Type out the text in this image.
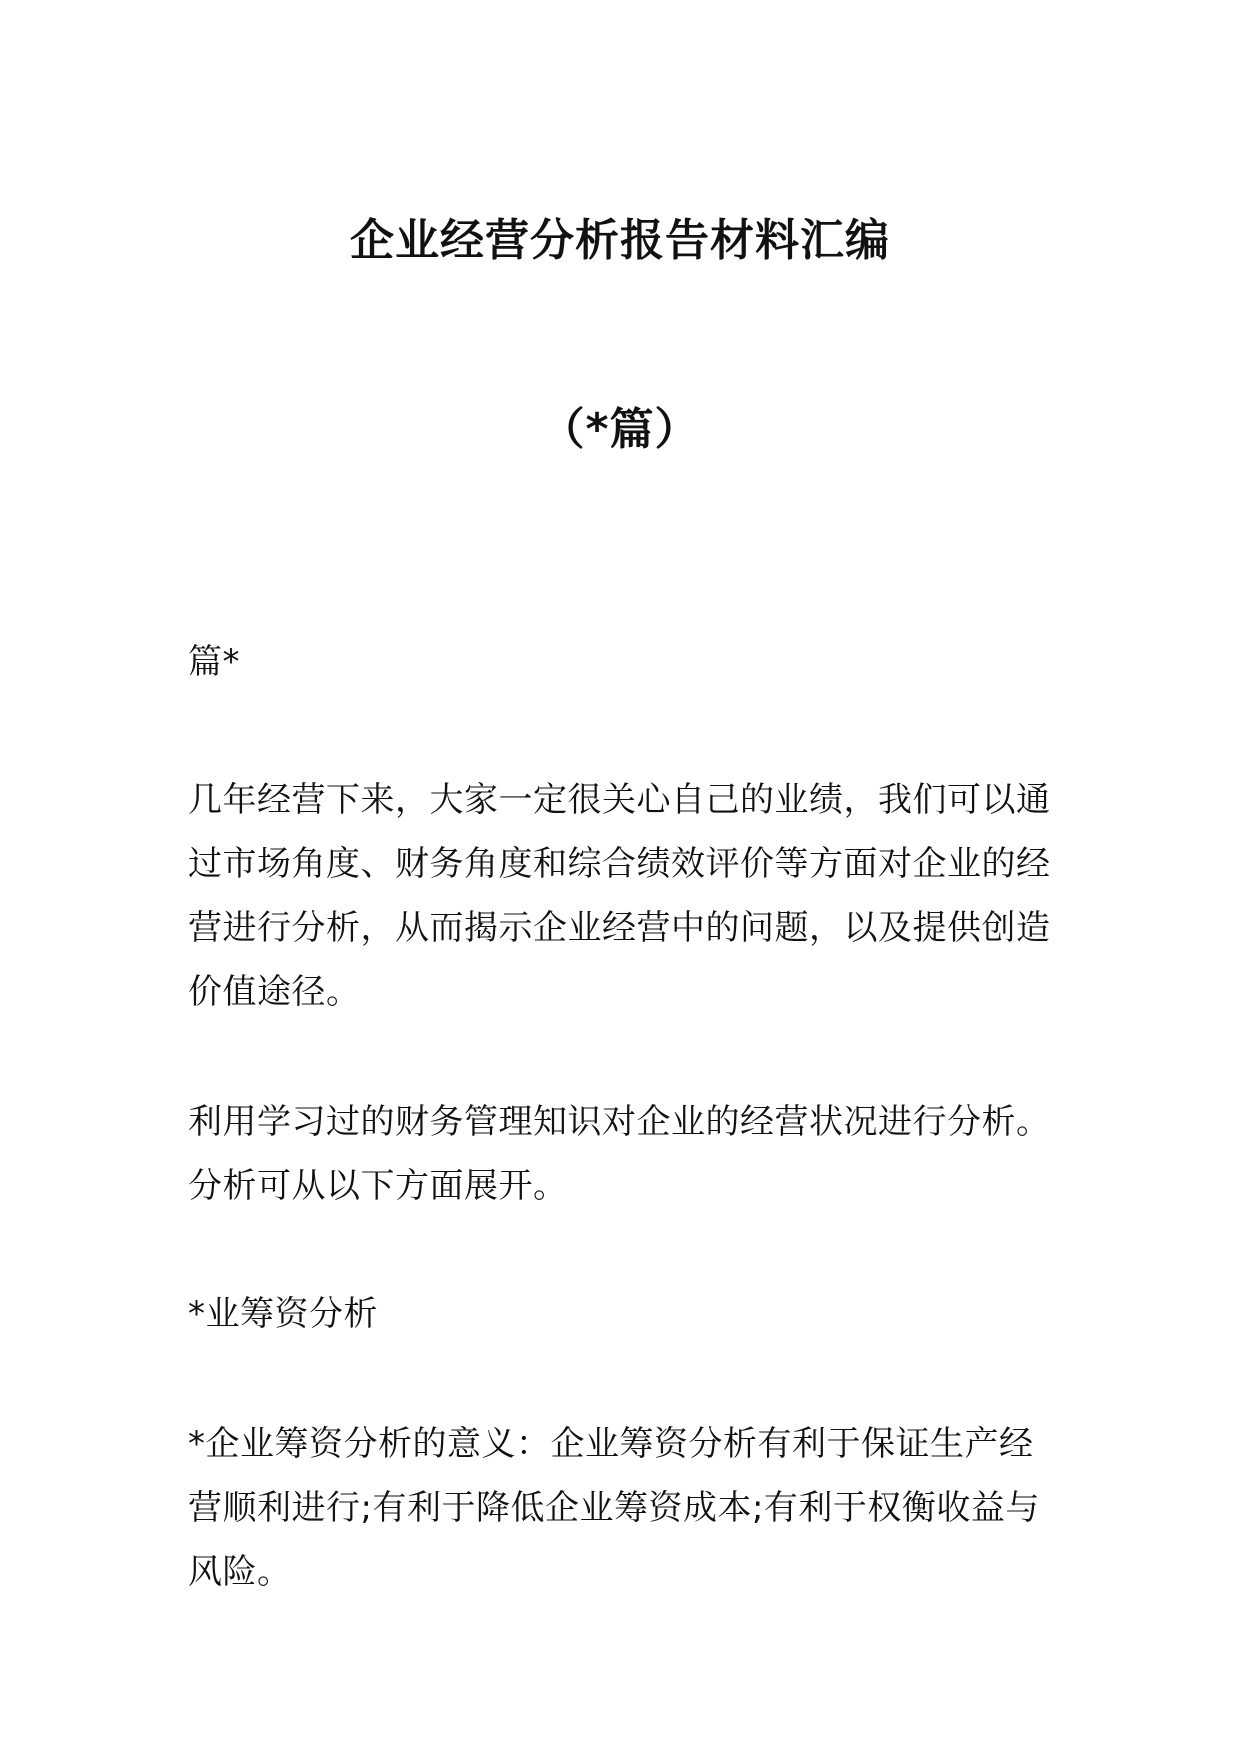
企业经营分析报告材料汇编
（*篇）

篇*

几年经营下来，大家一定很关心自己的业绩，我们可以通过市场角度、财务角度和综合绩效评价等方面对企业的经营进行分析，从而揭示企业经营中的问题，以及提供创造价值途径。

利用学习过的财务管理知识对企业的经营状况进行分析。分析可从以下方面展开。

*业筹资分析

*企业筹资分析的意义：企业筹资分析有利于保证生产经营顺利进行;有利于降低企业筹资成本;有利于权衡收益与风险。
